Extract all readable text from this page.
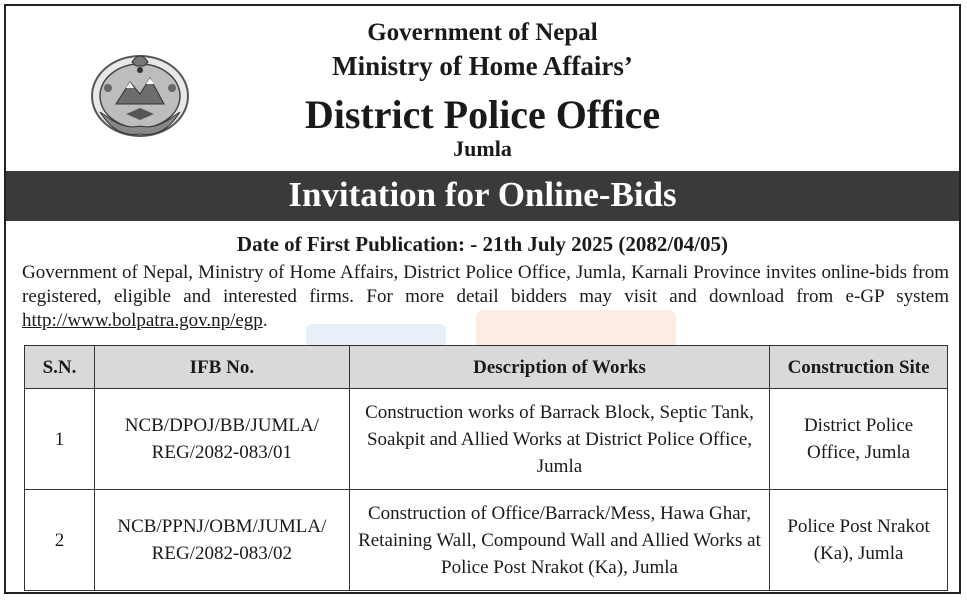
Government of Nepal
Ministry of Home Affairs’
District Police Office
Jumla
Invitation for Online-Bids
Date of First Publication: - 21th July 2025 (2082/04/05)
Government of Nepal, Ministry of Home Affairs, District Police Office, Jumla, Karnali Province invites online-bids from registered, eligible and interested firms. For more detail bidders may visit and download from e-GP system http://www.bolpatra.gov.np/egp.
S.N.	IFB No.	Description of Works	Construction Site
1	NCB/DPOJ/BB/JUMLA/ REG/2082-083/01	Construction works of Barrack Block, Septic Tank, Soakpit and Allied Works at District Police Office, Jumla	District Police Office, Jumla
2	NCB/PPNJ/OBM/JUMLA/ REG/2082-083/02	Construction of Office/Barrack/Mess, Hawa Ghar, Retaining Wall, Compound Wall and Allied Works at Police Post Nrakot (Ka), Jumla	Police Post Nrakot (Ka), Jumla
